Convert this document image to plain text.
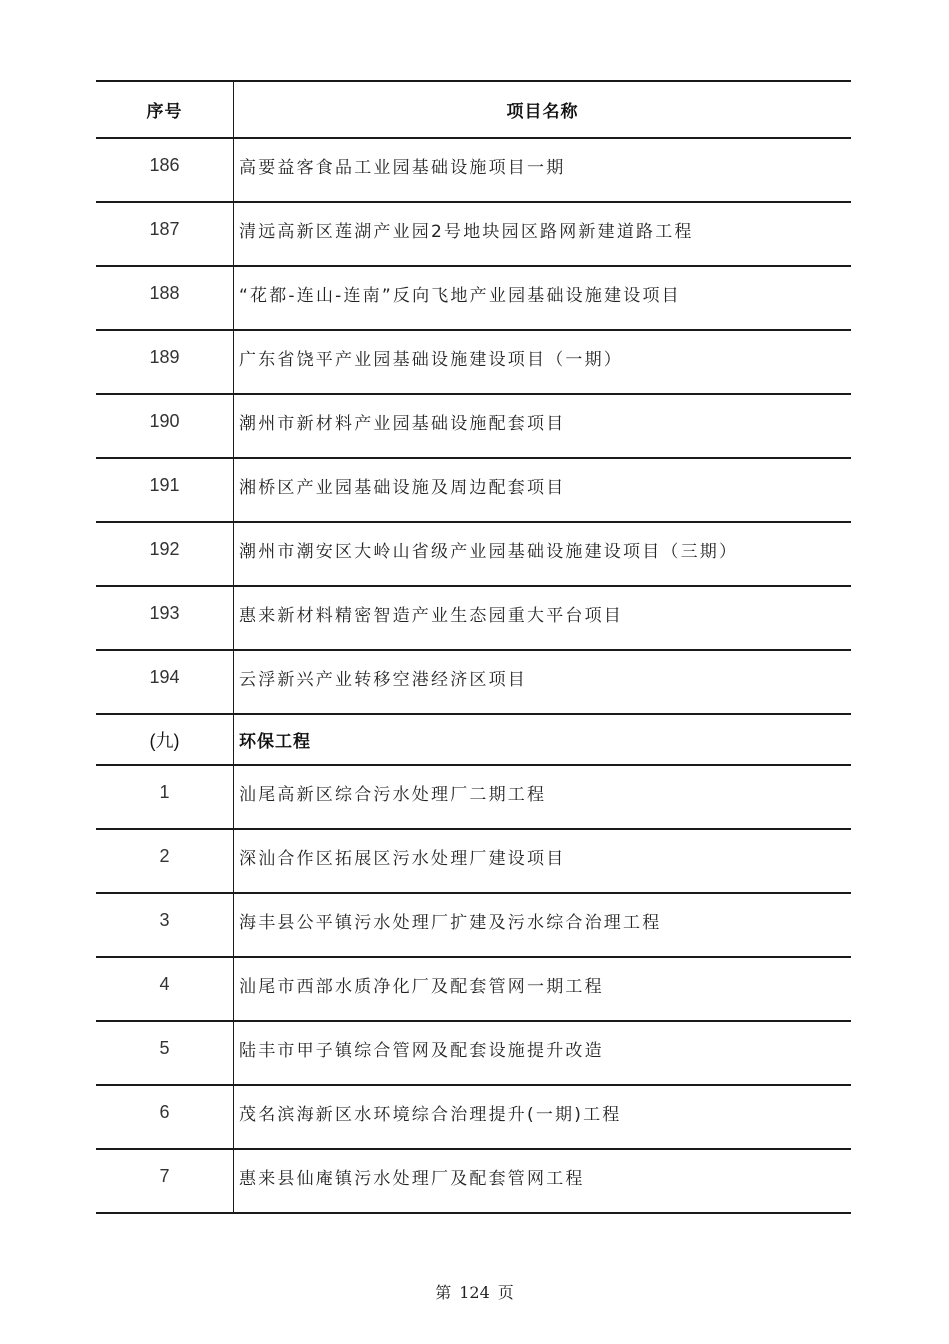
序号	项目名称
186	高要益客食品工业园基础设施项目一期
187	清远高新区莲湖产业园2号地块园区路网新建道路工程
188	“花都-连山-连南”反向飞地产业园基础设施建设项目
189	广东省饶平产业园基础设施建设项目（一期）
190	潮州市新材料产业园基础设施配套项目
191	湘桥区产业园基础设施及周边配套项目
192	潮州市潮安区大岭山省级产业园基础设施建设项目（三期）
193	惠来新材料精密智造产业生态园重大平台项目
194	云浮新兴产业转移空港经济区项目
(九)	环保工程
1	汕尾高新区综合污水处理厂二期工程
2	深汕合作区拓展区污水处理厂建设项目
3	海丰县公平镇污水处理厂扩建及污水综合治理工程
4	汕尾市西部水质净化厂及配套管网一期工程
5	陆丰市甲子镇综合管网及配套设施提升改造
6	茂名滨海新区水环境综合治理提升(一期)工程
7	惠来县仙庵镇污水处理厂及配套管网工程
第 124 页
